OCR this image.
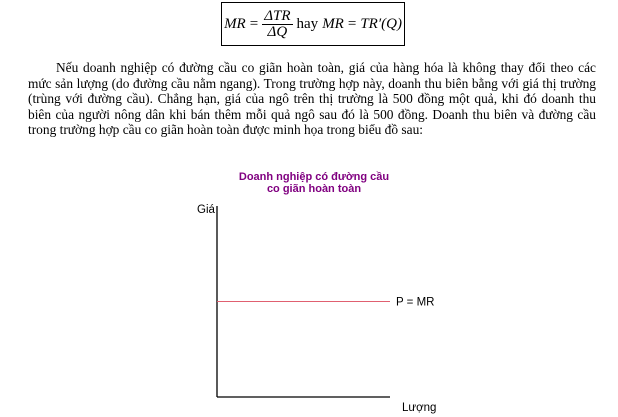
MR = $\frac{\text{ΔTR}}{\Delta Q}$ hay MR = TR′(Q)

Nếu doanh nghiệp có đường cầu co giãn hoàn toàn, giá của hàng hóa là không thay đổi theo các mức sản lượng (do đường cầu nằm ngang). Trong trường hợp này, doanh thu biên bằng với giá thị trường (trùng với đường cầu). Chẳng hạn, giá của ngô trên thị trường là 500 đồng một quả, khi đó doanh thu biên của người nông dân khi bán thêm mỗi quả ngô sau đó là 500 đồng. Doanh thu biên và đường cầu trong trường hợp cầu co giãn hoàn toàn được minh họa trong biểu đồ sau:

Doanh nghiệp có đường cầu
co giãn hoàn toàn
Giá
Lượng
P = MR
